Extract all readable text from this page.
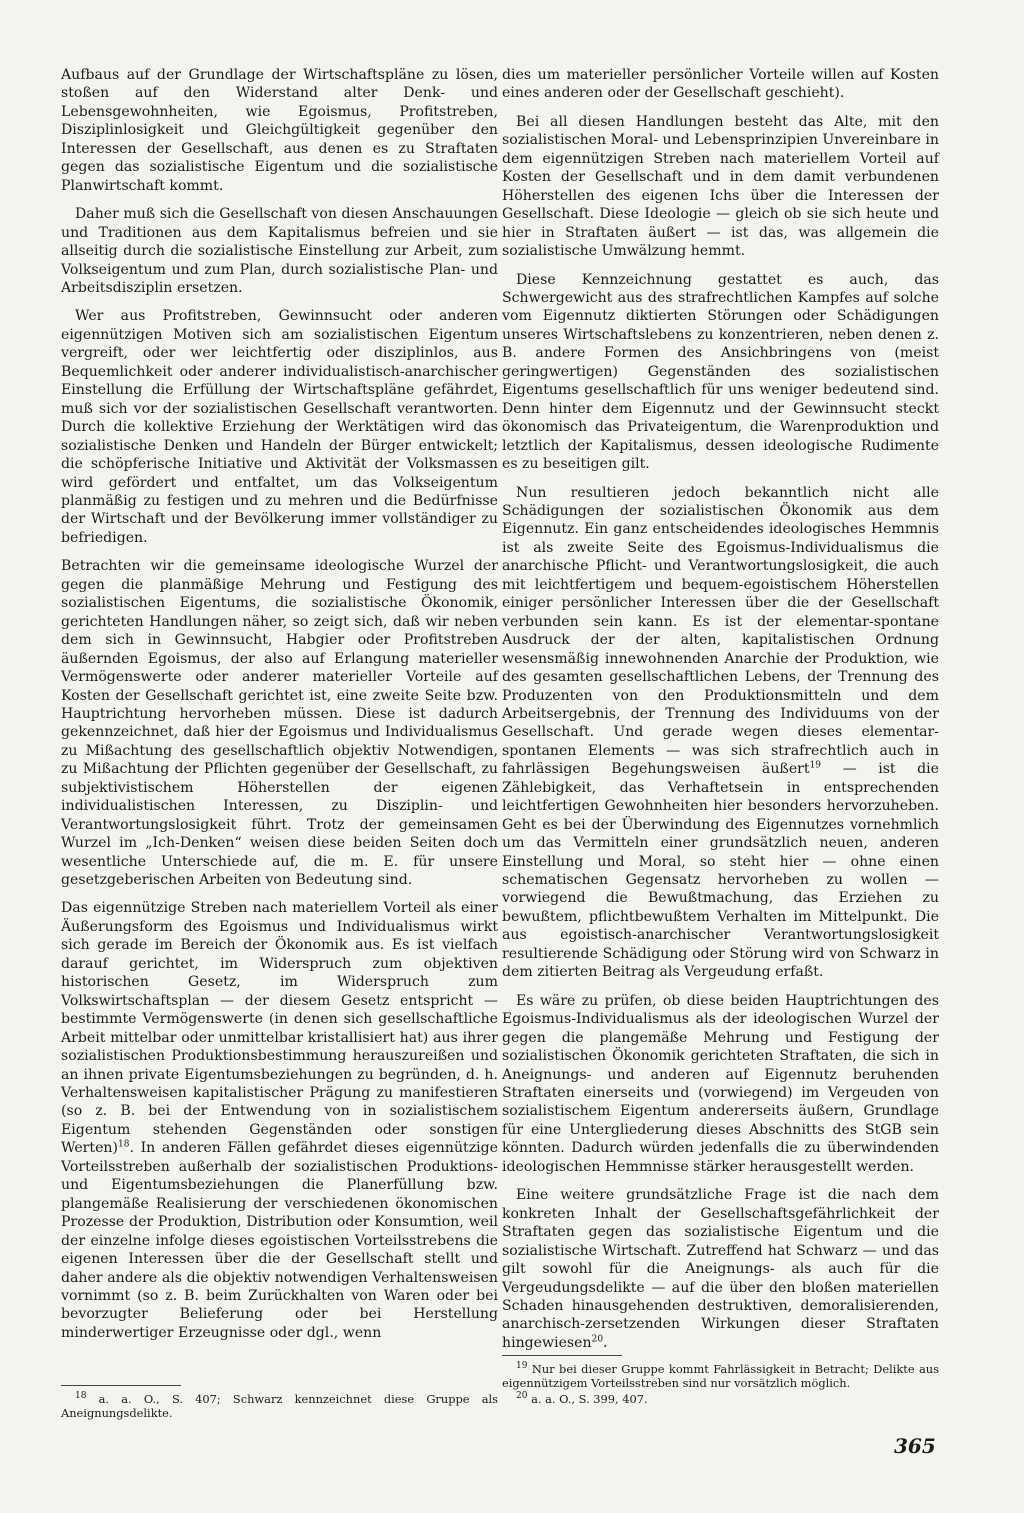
Aufbaus auf der Grundlage der Wirtschaftspläne zu lösen, stoßen auf den Widerstand alter Denk- und Lebensgewohnheiten, wie Egoismus, Profitstreben, Disziplinlosigkeit und Gleichgültigkeit gegenüber den Interessen der Gesellschaft, aus denen es zu Straftaten gegen das sozialistische Eigentum und die sozialistische Planwirtschaft kommt.

Daher muß sich die Gesellschaft von diesen Anschauungen und Traditionen aus dem Kapitalismus befreien und sie allseitig durch die sozialistische Einstellung zur Arbeit, zum Volkseigentum und zum Plan, durch sozialistische Plan- und Arbeitsdisziplin ersetzen.

Wer aus Profitstreben, Gewinnsucht oder anderen eigennützigen Motiven sich am sozialistischen Eigentum vergreift, oder wer leichtfertig oder disziplinlos, aus Bequemlichkeit oder anderer individualistisch-anarchischer Einstellung die Erfüllung der Wirtschaftspläne gefährdet, muß sich vor der sozialistischen Gesellschaft verantworten. Durch die kollektive Erziehung der Werktätigen wird das sozialistische Denken und Handeln der Bürger entwickelt; die schöpferische Initiative und Aktivität der Volksmassen wird gefördert und entfaltet, um das Volkseigentum planmäßig zu festigen und zu mehren und die Bedürfnisse der Wirtschaft und der Bevölkerung immer vollständiger zu befriedigen.

Betrachten wir die gemeinsame ideologische Wurzel der gegen die planmäßige Mehrung und Festigung des sozialistischen Eigentums, die sozialistische Ökonomik, gerichteten Handlungen näher, so zeigt sich, daß wir neben dem sich in Gewinnsucht, Habgier oder Profitstreben äußernden Egoismus, der also auf Erlangung materieller Vermögenswerte oder anderer materieller Vorteile auf Kosten der Gesellschaft gerichtet ist, eine zweite Seite bzw. Hauptrichtung hervorheben müssen. Diese ist dadurch gekennzeichnet, daß hier der Egoismus und Individualismus zu Mißachtung des gesellschaftlich objektiv Notwendigen, zu Mißachtung der Pflichten gegenüber der Gesellschaft, zu subjektivistischem Höherstellen der eigenen individualistischen Interessen, zu Disziplin- und Verantwortungslosigkeit führt. Trotz der gemeinsamen Wurzel im „Ich-Denken“ weisen diese beiden Seiten doch wesentliche Unterschiede auf, die m. E. für unsere gesetzgeberischen Arbeiten von Bedeutung sind.

Das eigennützige Streben nach materiellem Vorteil als einer Äußerungsform des Egoismus und Individualismus wirkt sich gerade im Bereich der Ökonomik aus. Es ist vielfach darauf gerichtet, im Widerspruch zum objektiven historischen Gesetz, im Widerspruch zum Volkswirtschaftsplan — der diesem Gesetz entspricht — bestimmte Vermögenswerte (in denen sich gesellschaftliche Arbeit mittelbar oder unmittelbar kristallisiert hat) aus ihrer sozialistischen Produktionsbestimmung herauszureißen und an ihnen private Eigentumsbeziehungen zu begründen, d. h. Verhaltensweisen kapitalistischer Prägung zu manifestieren (so z. B. bei der Entwendung von in sozialistischem Eigentum stehenden Gegenständen oder sonstigen Werten)$^{18}$. In anderen Fällen gefährdet dieses eigennützige Vorteilsstreben außerhalb der sozialistischen Produktions- und Eigentumsbeziehungen die Planerfüllung bzw. plangemäße Realisierung der verschiedenen ökonomischen Prozesse der Produktion, Distribution oder Konsumtion, weil der einzelne infolge dieses egoistischen Vorteilsstrebens die eigenen Interessen über die der Gesellschaft stellt und daher andere als die objektiv notwendigen Verhaltensweisen vornimmt (so z. B. beim Zurückhalten von Waren oder bei bevorzugter Belieferung oder bei Herstellung minderwertiger Erzeugnisse oder dgl., wenn

dies um materieller persönlicher Vorteile willen auf Kosten eines anderen oder der Gesellschaft geschieht).

Bei all diesen Handlungen besteht das Alte, mit den sozialistischen Moral- und Lebensprinzipien Unvereinbare in dem eigennützigen Streben nach materiellem Vorteil auf Kosten der Gesellschaft und in dem damit verbundenen Höherstellen des eigenen Ichs über die Interessen der Gesellschaft. Diese Ideologie — gleich ob sie sich heute und hier in Straftaten äußert — ist das, was allgemein die sozialistische Umwälzung hemmt.

Diese Kennzeichnung gestattet es auch, das Schwergewicht aus des strafrechtlichen Kampfes auf solche vom Eigennutz diktierten Störungen oder Schädigungen unseres Wirtschaftslebens zu konzentrieren, neben denen z. B. andere Formen des Ansichbringens von (meist geringwertigen) Gegenständen des sozialistischen Eigentums gesellschaftlich für uns weniger bedeutend sind. Denn hinter dem Eigennutz und der Gewinnsucht steckt ökonomisch das Privateigentum, die Warenproduktion und letztlich der Kapitalismus, dessen ideologische Rudimente es zu beseitigen gilt.

Nun resultieren jedoch bekanntlich nicht alle Schädigungen der sozialistischen Ökonomik aus dem Eigennutz. Ein ganz entscheidendes ideologisches Hemmnis ist als zweite Seite des Egoismus-Individualismus die anarchische Pflicht- und Verantwortungslosigkeit, die auch mit leichtfertigem und bequem-egoistischem Höherstellen einiger persönlicher Interessen über die der Gesellschaft verbunden sein kann. Es ist der elementar-spontane Ausdruck der der alten, kapitalistischen Ordnung wesensmäßig innewohnenden Anarchie der Produktion, wie des gesamten gesellschaftlichen Lebens, der Trennung des Produzenten von den Produktionsmitteln und dem Arbeitsergebnis, der Trennung des Individuums von der Gesellschaft. Und gerade wegen dieses elementar-spontanen Elements — was sich strafrechtlich auch in fahrlässigen Begehungsweisen äußert$^{19}$ — ist die Zählebigkeit, das Verhaftetsein in entsprechenden leichtfertigen Gewohnheiten hier besonders hervorzuheben. Geht es bei der Überwindung des Eigennutzes vornehmlich um das Vermitteln einer grundsätzlich neuen, anderen Einstellung und Moral, so steht hier — ohne einen schematischen Gegensatz hervorheben zu wollen — vorwiegend die Bewußtmachung, das Erziehen zu bewußtem, pflichtbewußtem Verhalten im Mittelpunkt. Die aus egoistisch-anarchischer Verantwortungslosigkeit resultierende Schädigung oder Störung wird von Schwarz in dem zitierten Beitrag als Vergeudung erfaßt.

Es wäre zu prüfen, ob diese beiden Hauptrichtungen des Egoismus-Individualismus als der ideologischen Wurzel der gegen die plangemäße Mehrung und Festigung der sozialistischen Ökonomik gerichteten Straftaten, die sich in Aneignungs- und anderen auf Eigennutz beruhenden Straftaten einerseits und (vorwiegend) im Vergeuden von sozialistischem Eigentum andererseits äußern, Grundlage für eine Untergliederung dieses Abschnitts des StGB sein könnten. Dadurch würden jedenfalls die zu überwindenden ideologischen Hemmnisse stärker herausgestellt werden.

Eine weitere grundsätzliche Frage ist die nach dem konkreten Inhalt der Gesellschaftsgefährlichkeit der Straftaten gegen das sozialistische Eigentum und die sozialistische Wirtschaft. Zutreffend hat Schwarz — und das gilt sowohl für die Aneignungs- als auch für die Vergeudungsdelikte — auf die über den bloßen materiellen Schaden hinausgehenden destruktiven, demoralisierenden, anarchisch-zersetzenden Wirkungen dieser Straftaten hingewiesen$^{20}$.

$^{18}$ a. a. O., S. 407; Schwarz kennzeichnet diese Gruppe als Aneignungsdelikte.

$^{19}$ Nur bei dieser Gruppe kommt Fahrlässigkeit in Betracht; Delikte aus eigennützigem Vorteilsstreben sind nur vorsätzlich möglich.

$^{20}$ a. a. O., S. 399, 407.

365
